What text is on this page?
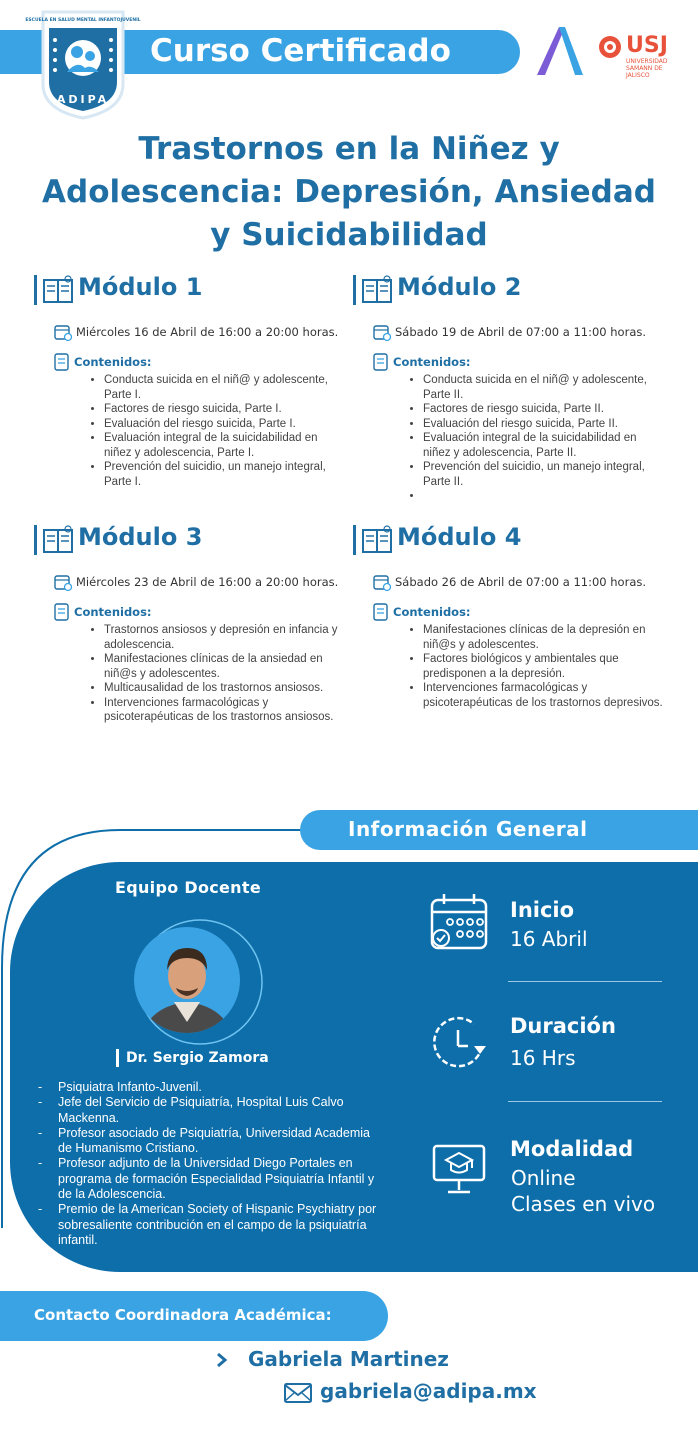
Curso Certificado
ESCUELA EN SALUD MENTAL INFANTOJUVENIL
ADIPA
USJ
UNIVERSIDAD SAMANN DE JALISCO
Trastornos en la Niñez y
Adolescencia: Depresión, Ansiedad
y Suicidabilidad
Módulo 1
Miércoles 16 de Abril de 16:00 a 20:00 horas.
Contenidos:
• Conducta suicida en el niñ@ y adolescente, Parte I.
• Factores de riesgo suicida, Parte I.
• Evaluación del riesgo suicida, Parte I.
• Evaluación integral de la suicidabilidad en niñez y adolescencia, Parte I.
• Prevención del suicidio, un manejo integral, Parte I.
Módulo 2
Sábado 19 de Abril de 07:00 a 11:00 horas.
Contenidos:
• Conducta suicida en el niñ@ y adolescente, Parte II.
• Factores de riesgo suicida, Parte II.
• Evaluación del riesgo suicida, Parte II.
• Evaluación integral de la suicidabilidad en niñez y adolescencia, Parte II.
• Prevención del suicidio, un manejo integral, Parte II.
•
Módulo 3
Miércoles 23 de Abril de 16:00 a 20:00 horas.
Contenidos:
• Trastornos ansiosos y depresión en infancia y adolescencia.
• Manifestaciones clínicas de la ansiedad en niñ@s y adolescentes.
• Multicausalidad de los trastornos ansiosos.
• Intervenciones farmacológicas y psicoterapéuticas de los trastornos ansiosos.
Módulo 4
Sábado 26 de Abril de 07:00 a 11:00 horas.
Contenidos:
• Manifestaciones clínicas de la depresión en niñ@s y adolescentes.
• Factores biológicos y ambientales que predisponen a la depresión.
• Intervenciones farmacológicas y psicoterapéuticas de los trastornos depresivos.
Información General
Equipo Docente
Dr. Sergio Zamora
- Psiquiatra Infanto-Juvenil.
- Jefe del Servicio de Psiquiatría, Hospital Luis Calvo Mackenna.
- Profesor asociado de Psiquiatría, Universidad Academia de Humanismo Cristiano.
- Profesor adjunto de la Universidad Diego Portales en programa de formación Especialidad Psiquiatría Infantil y de la Adolescencia.
- Premio de la American Society of Hispanic Psychiatry por sobresaliente contribución en el campo de la psiquiatría infantil.
Inicio
16 Abril
Duración
16 Hrs
Modalidad
Online
Clases en vivo
Contacto Coordinadora Académica:
Gabriela Martinez
gabriela@adipa.mx
